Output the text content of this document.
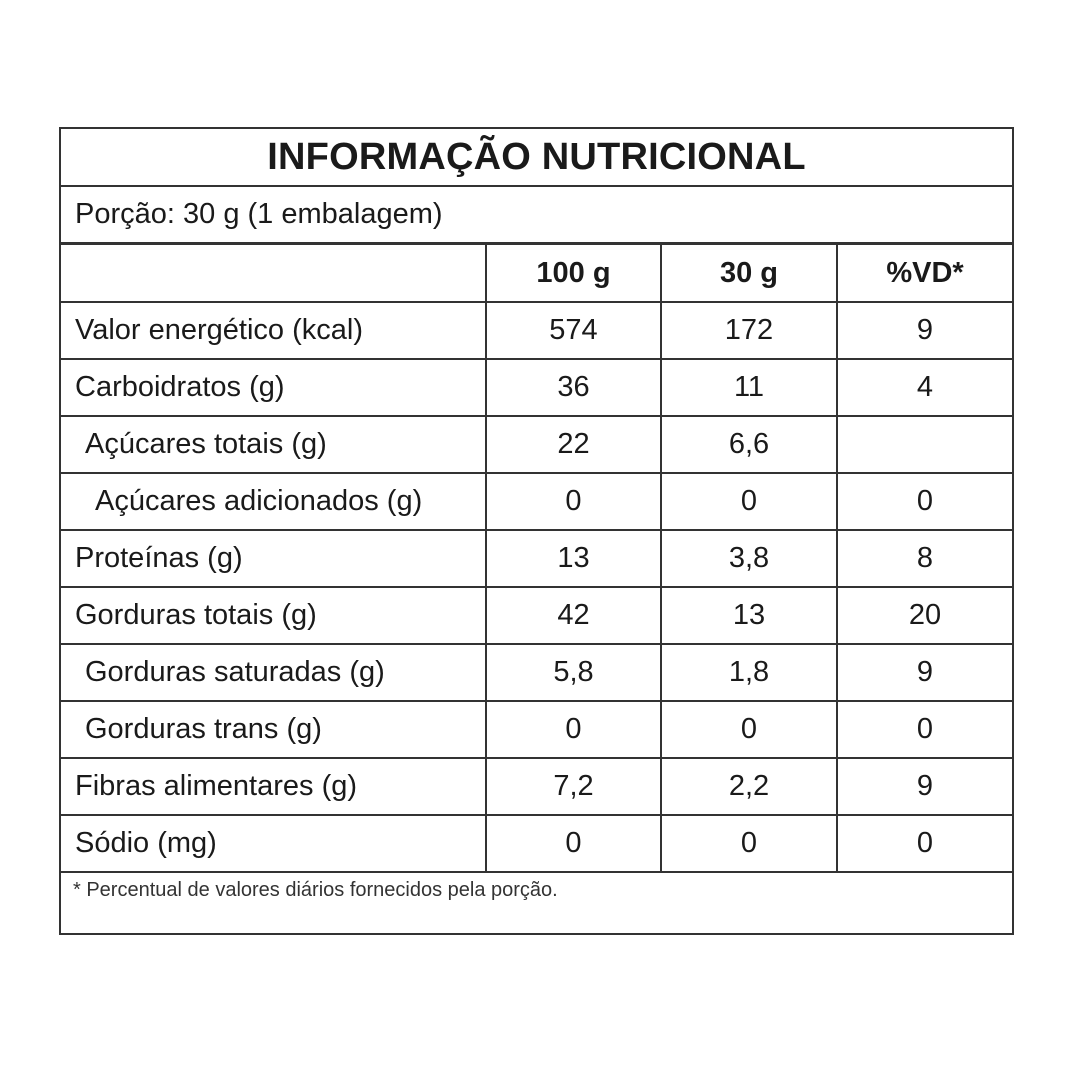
INFORMAÇÃO NUTRICIONAL
Porção: 30 g (1 embalagem)
	100 g	30 g	%VD*
Valor energético (kcal)	574	172	9
Carboidratos (g)	36	11	4
Açúcares totais (g)	22	6,6	
Açúcares adicionados (g)	0	0	0
Proteínas (g)	13	3,8	8
Gorduras totais (g)	42	13	20
Gorduras saturadas (g)	5,8	1,8	9
Gorduras trans (g)	0	0	0
Fibras alimentares (g)	7,2	2,2	9
Sódio (mg)	0	0	0
* Percentual de valores diários fornecidos pela porção.
